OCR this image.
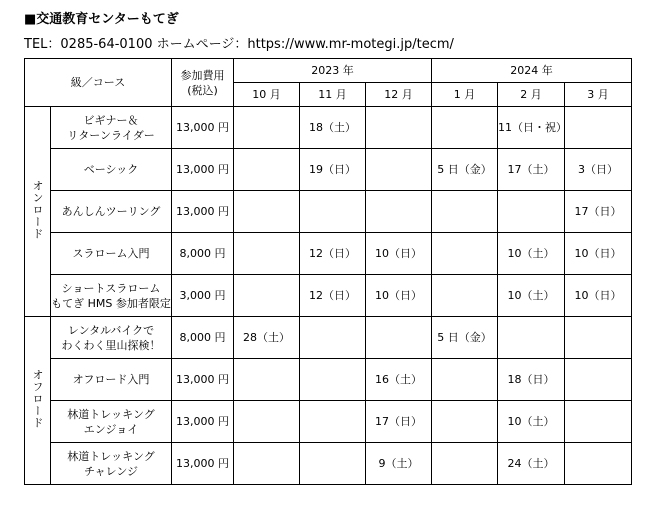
■交通教育センターもてぎ
TEL：0285-64-0100 ホームページ：https://www.mr-motegi.jp/tecm/
級／コース		参加費用
(税込)	2023 年			2024 年		
			10 月	11 月	12 月	1 月	2 月	3 月
オンロード	ビギナー＆
リターンライダー	13,000 円		18（土）			11（日・祝）	

	ベーシック	13,000 円		19（日）		5 日（金）	17（土）	3（日）

	あんしんツーリング	13,000 円						17（日）

	スラローム入門	8,000 円		12（日）	10（日）		10（土）	10（日）

	ショートスラローム
もてぎ HMS 参加者限定	3,000 円		12（日）	10（日）		10（土）	10（日）
オフロード	レンタルバイクで
わくわく里山探検！	8,000 円	28（土）			5 日（金）		

	オフロード入門	13,000 円			16（土）		18（日）	

	林道トレッキング
エンジョイ	13,000 円			17（日）		10（土）	

	林道トレッキング
チャレンジ	13,000 円			9（土）		24（土）	
